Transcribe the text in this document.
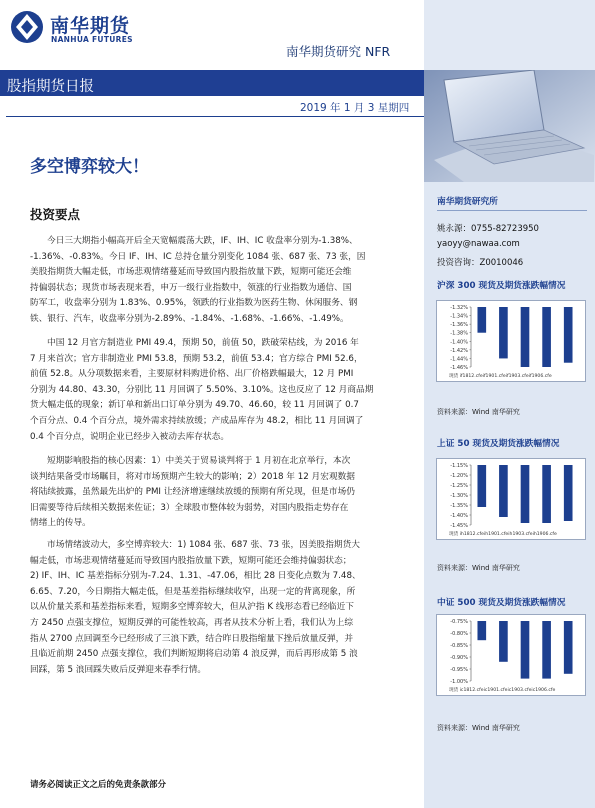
南华期货
NANHUA FUTURES
南华期货研究 NFR
股指期货日报
2019 年 1 月 3 星期四
多空博弈较大！
投资要点
今日三大期指小幅高开后全天宽幅震荡大跌，IF、IH、IC 收盘率分别为-1.38%、
-1.36%、-0.83%。今日 IF、IH、IC 总持仓量分别变化 1084 张、687 张、73 张，因
美股指期货大幅走低，市场悲观情绪蔓延而导致国内股指放量下跌，短期可能还会维
持偏弱状态；现货市场表现来看，申万一级行业指数中，领涨的行业指数为通信、国
防军工，收盘率分别为 1.83%、0.95%，领跌的行业指数为医药生物、休闲服务、钢
铁、银行、汽车，收盘率分别为-2.89%、-1.84%、-1.68%、-1.66%、-1.49%。
中国 12 月官方制造业 PMI 49.4，预期 50，前值 50，跌破荣枯线，为 2016 年
7 月来首次；官方非制造业 PMI 53.8，预期 53.2，前值 53.4；官方综合 PMI 52.6，
前值 52.8。从分项数据来看，主要原材料购进价格、出厂价格跌幅最大，12 月 PMI
分别为 44.80、43.30，分别比 11 月回调了 5.50%、3.10%。这也反应了 12 月商品期
货大幅走低的现象；新订单和新出口订单分别为 49.70、46.60，较 11 月回调了 0.7
个百分点、0.4 个百分点，境外需求持续放缓；产成品库存为 48.2，相比 11 月回调了
0.4 个百分点，说明企业已经步入被动去库存状态。
短期影响股指的核心因素：1）中美关于贸易谈判将于 1 月初在北京举行，本次
谈判结果备受市场瞩目，将对市场预期产生较大的影响；2）2018 年 12 月宏观数据
将陆续披露，虽然最先出炉的 PMI 让经济增速继续放缓的预期有所兑现，但是市场仍
旧需要等待后续相关数据来佐证；3）全球股市整体较为弱势，对国内股指走势存在
情绪上的传导。
市场情绪波动大，多空博弈较大：1) 1084 张、687 张、73 张，因美股指期货大
幅走低，市场悲观情绪蔓延而导致国内股指放量下跌，短期可能还会维持偏弱状态；
2) IF、IH、IC 基差指标分别为-7.24、1.31、-47.06，相比 28 日变化点数为 7.48、
6.65、7.20，今日期指大幅走低，但是基差指标继续收窄，出现一定的背离现象，所
以从价量关系和基差指标来看，短期多空博弈较大，但从沪指 K 线形态看已经临近下
方 2450 点强支撑位，短期反弹的可能性较高，再者从技术分析上看，我们认为上综
指从 2700 点回调至今已经形成了三浪下跌，结合昨日股指缩量下挫后放量反弹，并
且临近前期 2450 点强支撑位，我们判断短期将启动第 4 浪反弹，而后再形成第 5 浪
回踩，第 5 浪回踩失败后反弹迎来春季行情。
南华期货研究所
姚永源：0755-82723950
yaoyy@nawaa.com
投资咨询：Z0010046
沪深 300 现货及期货涨跌幅情况
-1.32%
-1.34%
-1.36%
-1.38%
-1.40%
-1.42%
-1.44%
-1.46%
现货 if1812.cfeif1901.cfeif1903.cfeif1906.cfe
资料来源：Wind 南华研究
上证 50 现货及期货涨跌幅情况
-1.15%
-1.20%
-1.25%
-1.30%
-1.35%
-1.40%
-1.45%
现货 ih1812.cfeih1901.cfeih1903.cfeih1906.cfe
资料来源：Wind 南华研究
中证 500 现货及期货涨跌幅情况
-0.75%
-0.80%
-0.85%
-0.90%
-0.95%
-1.00%
现货 ic1812.cfeic1901.cfeic1903.cfeic1906.cfe
资料来源：Wind 南华研究
请务必阅读正文之后的免责条款部分
